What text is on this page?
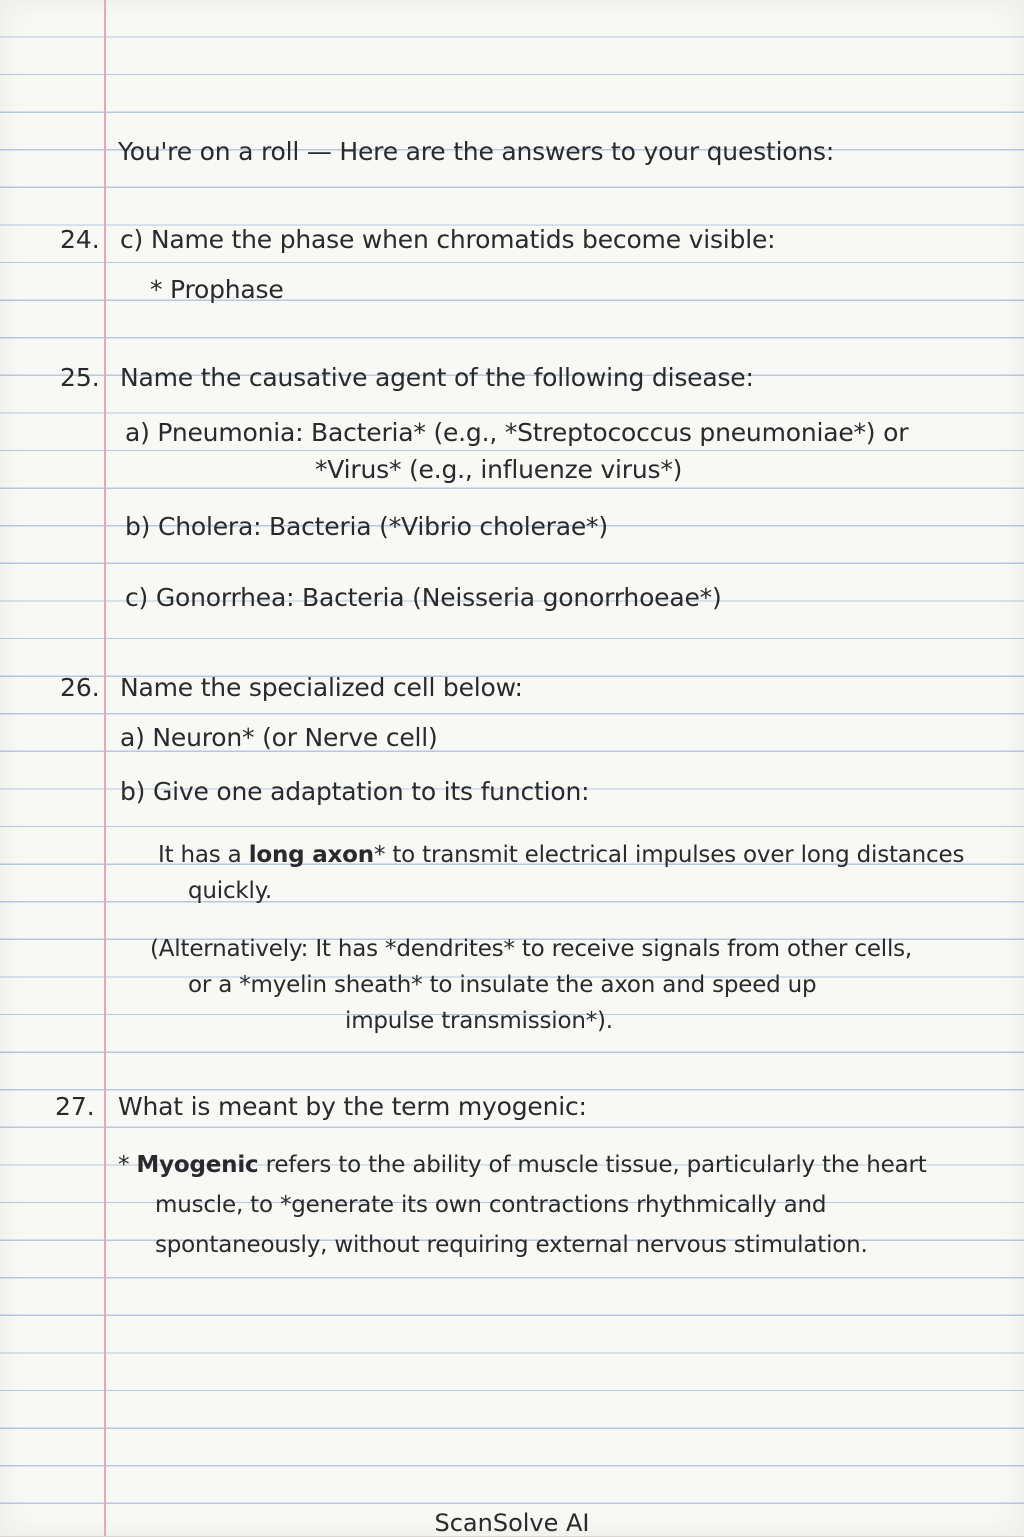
You're on a roll — Here are the answers to your questions:
24. c) Name the phase when chromatids become visible:
* Prophase
25. Name the causative agent of the following disease:
a) Pneumonia: Bacteria* (e.g., *Streptococcus pneumoniae*) or
*Virus* (e.g., influenze virus*)
b) Cholera: Bacteria (*Vibrio cholerae*)
c) Gonorrhea: Bacteria (Neisseria gonorrhoeae*)
26. Name the specialized cell below:
a) Neuron* (or Nerve cell)
b) Give one adaptation to its function:
It has a long axon* to transmit electrical impulses over long distances
quickly.
(Alternatively: It has *dendrites* to receive signals from other cells,
or a *myelin sheath* to insulate the axon and speed up
impulse transmission*).
27. What is meant by the term myogenic:
* Myogenic refers to the ability of muscle tissue, particularly the heart
muscle, to *generate its own contractions rhythmically and
spontaneously, without requiring external nervous stimulation.
ScanSolve AI
